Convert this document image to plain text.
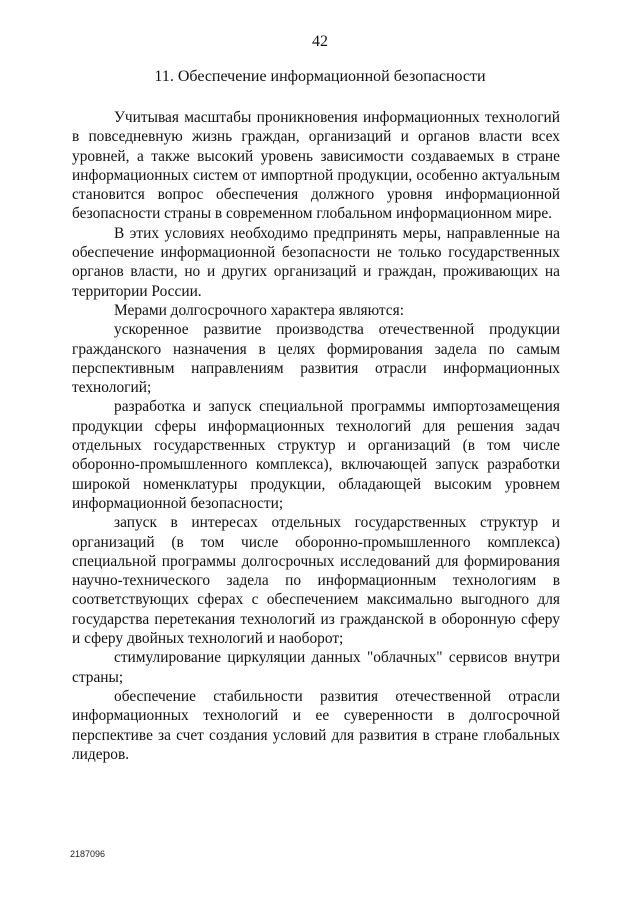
42
11. Обеспечение информационной безопасности

Учитывая масштабы проникновения информационных технологий в повседневную жизнь граждан, организаций и органов власти всех уровней, а также высокий уровень зависимости создаваемых в стране информационных систем от импортной продукции, особенно актуальным становится вопрос обеспечения должного уровня информационной безопасности страны в современном глобальном информационном мире.

В этих условиях необходимо предпринять меры, направленные на обеспечение информационной безопасности не только государственных органов власти, но и других организаций и граждан, проживающих на территории России.

Мерами долгосрочного характера являются:

ускоренное развитие производства отечественной продукции гражданского назначения в целях формирования задела по самым перспективным направлениям развития отрасли информационных технологий;

разработка и запуск специальной программы импортозамещения продукции сферы информационных технологий для решения задач отдельных государственных структур и организаций (в том числе оборонно-промышленного комплекса), включающей запуск разработки широкой номенклатуры продукции, обладающей высоким уровнем информационной безопасности;

запуск в интересах отдельных государственных структур и организаций (в том числе оборонно-промышленного комплекса) специальной программы долгосрочных исследований для формирования научно-технического задела по информационным технологиям в соответствующих сферах с обеспечением максимально выгодного для государства перетекания технологий из гражданской в оборонную сферу и сферу двойных технологий и наоборот;

стимулирование циркуляции данных "облачных" сервисов внутри страны;

обеспечение стабильности развития отечественной отрасли информационных технологий и ее суверенности в долгосрочной перспективе за счет создания условий для развития в стране глобальных лидеров.

2187096
